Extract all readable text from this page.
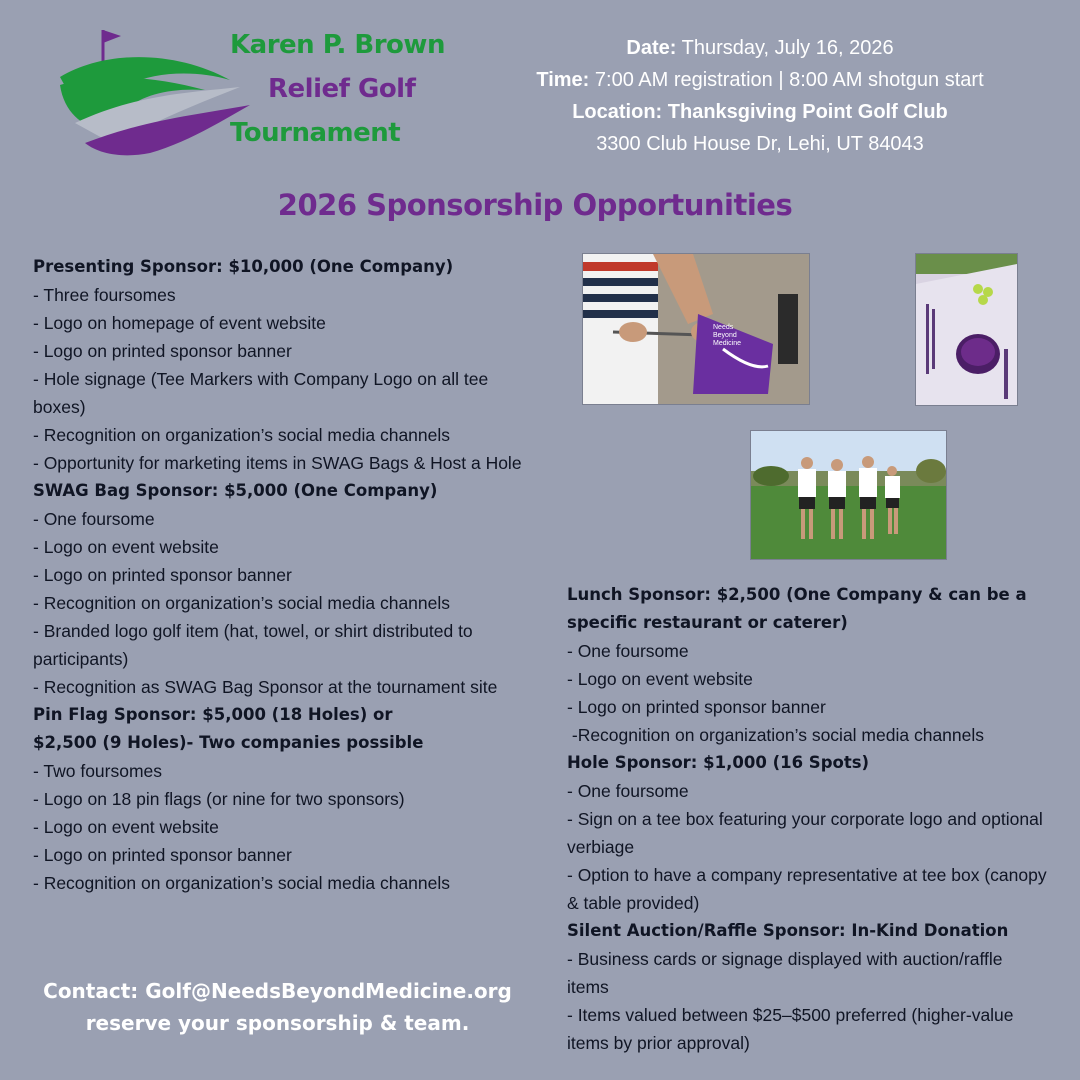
Karen P. Brown
Relief Golf
Tournament
Date: Thursday, July 16, 2026
Time: 7:00 AM registration | 8:00 AM shotgun start
Location: Thanksgiving Point Golf Club
3300 Club House Dr, Lehi, UT 84043
2026 Sponsorship Opportunities
Presenting Sponsor: $10,000 (One Company)
- Three foursomes
- Logo on homepage of event website
- Logo on printed sponsor banner
- Hole signage (Tee Markers with Company Logo on all tee boxes)
- Recognition on organization’s social media channels
- Opportunity for marketing items in SWAG Bags & Host a Hole
SWAG Bag Sponsor: $5,000 (One Company)
- One foursome
- Logo on event website
- Logo on printed sponsor banner
- Recognition on organization’s social media channels
- Branded logo golf item (hat, towel, or shirt distributed to participants)
- Recognition as SWAG Bag Sponsor at the tournament site
Pin Flag Sponsor: $5,000 (18 Holes) or
$2,500 (9 Holes)- Two companies possible
- Two foursomes
- Logo on 18 pin flags (or nine for two sponsors)
- Logo on event website
- Logo on printed sponsor banner
- Recognition on organization’s social media channels
Lunch Sponsor: $2,500 (One Company & can be a specific restaurant or caterer)
- One foursome
- Logo on event website
- Logo on printed sponsor banner
-Recognition on organization’s social media channels
Hole Sponsor: $1,000 (16 Spots)
- One foursome
- Sign on a tee box featuring your corporate logo and optional verbiage
- Option to have a company representative at tee box (canopy & table provided)
Silent Auction/Raffle Sponsor: In-Kind Donation
- Business cards or signage displayed with auction/raffle items
- Items valued between $25–$500 preferred (higher-value items by prior approval)
Contact: Golf@NeedsBeyondMedicine.org
reserve your sponsorship & team.
Needs
Beyond
Medicine
